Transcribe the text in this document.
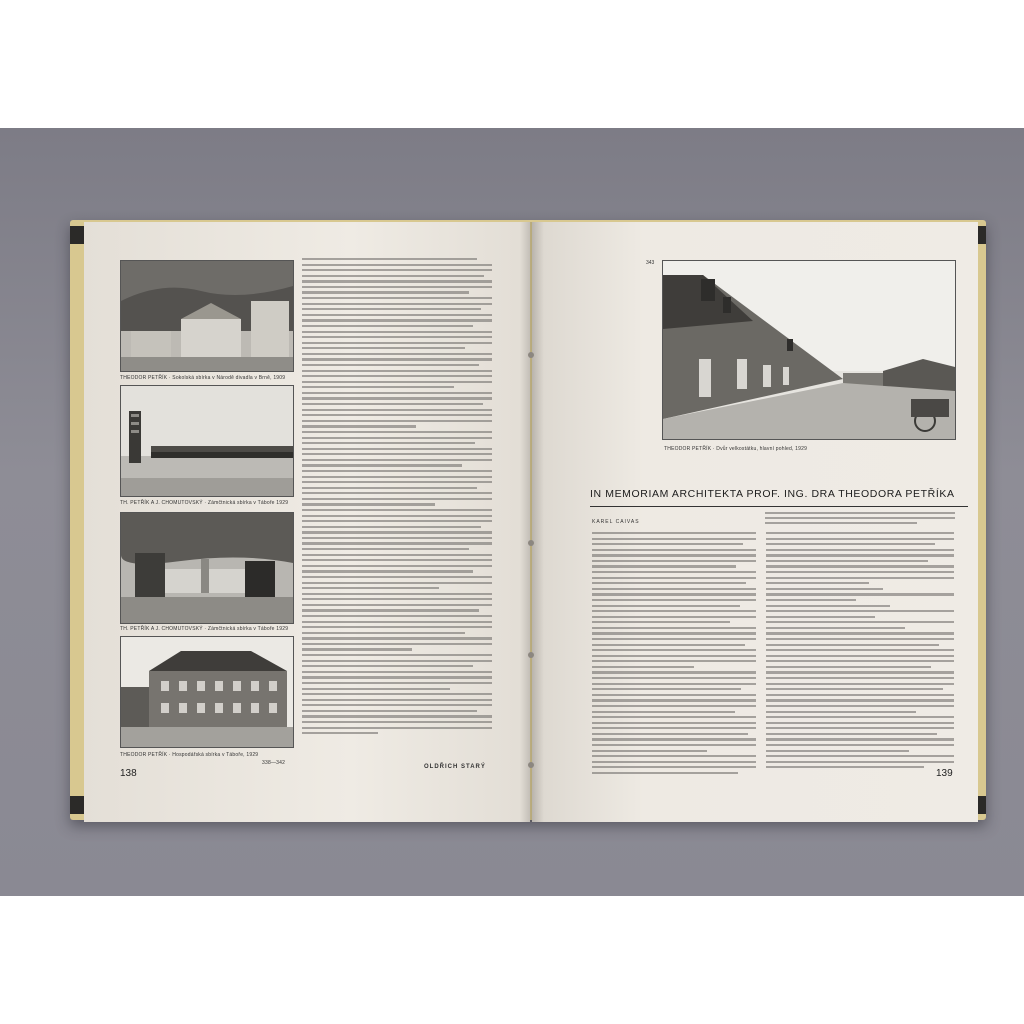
THEODOR PETŘÍK · Sokolská sbírka v Národě divadla v Brně, 1909
TH. PETŘÍK A J. CHOMUTOVSKÝ · Zámčtnická sbírka v Táboře 1929
TH. PETŘÍK A J. CHOMUTOVSKÝ · Zámčtnická sbírka v Táboře 1929
THEODOR PETŘÍK · Hospodářská sbírka v Táboře, 1929
338—342
138
OLDŘICH STARÝ
343
THEODOR PETŘÍK · Dvůr velkostátku, hlavní pohled, 1929
IN MEMORIAM ARCHITEKTA PROF. ING. DRA THEODORA PETŘÍKA
KAREL CAIVAS
139
